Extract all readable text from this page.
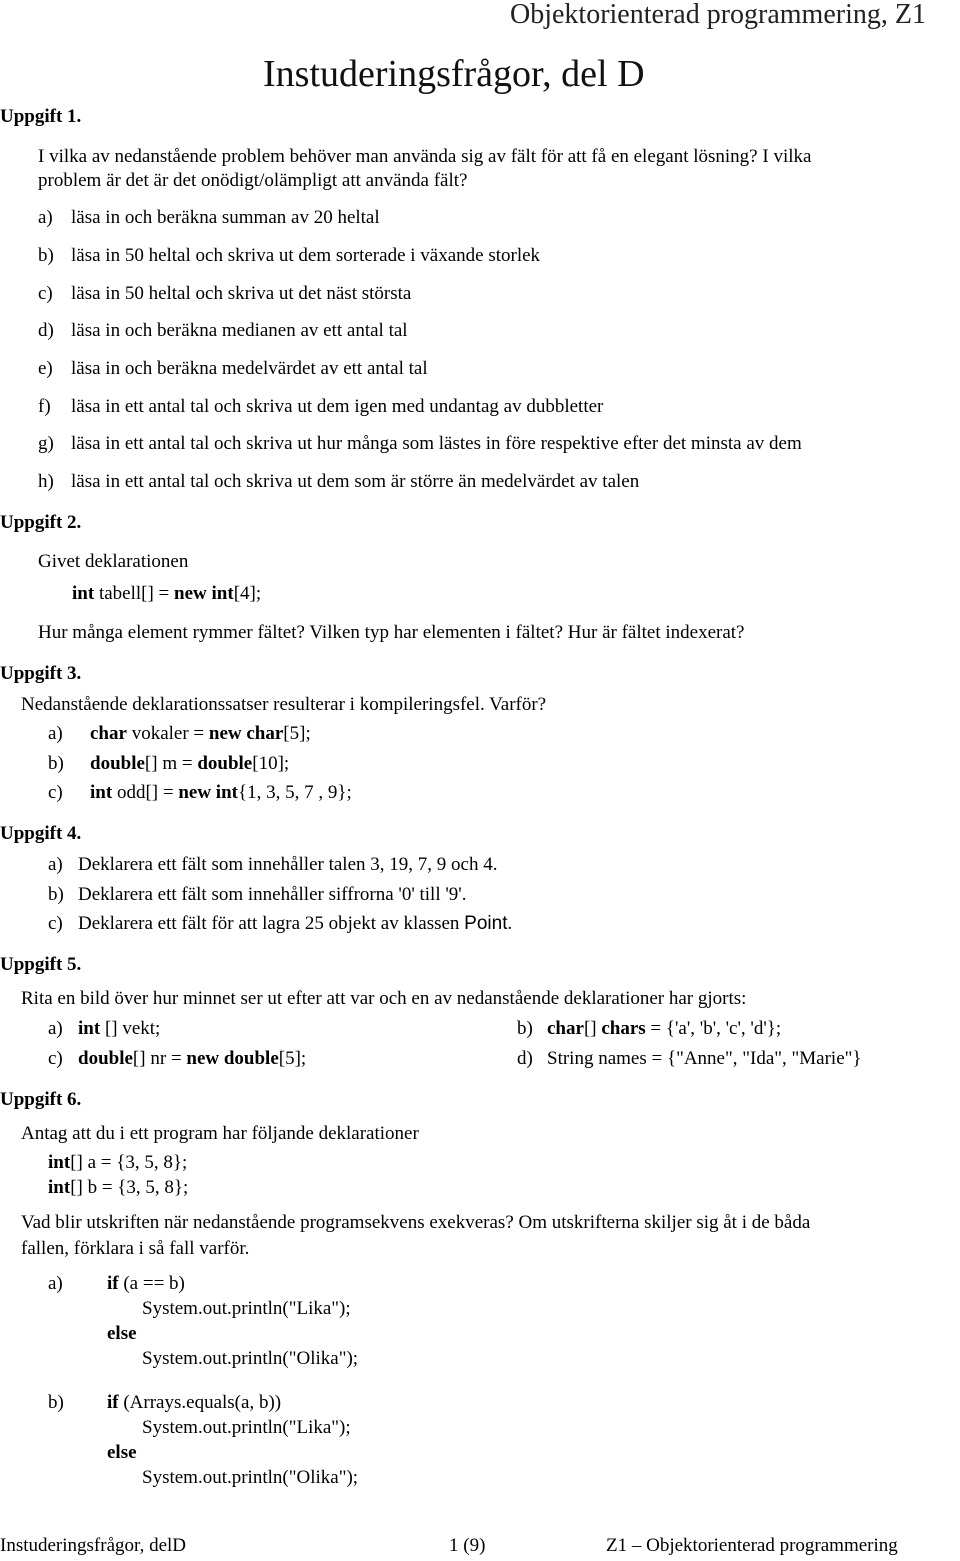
Objektorienterad programmering, Z1
Instuderingsfrågor, del D
Uppgift 1.
I vilka av nedanstående problem behöver man använda sig av fält för att få en elegant lösning? I vilka
problem är det är det onödigt/olämpligt att använda fält?
a) läsa in och beräkna summan av 20 heltal
b) läsa in 50 heltal och skriva ut dem sorterade i växande storlek
c) läsa in 50 heltal och skriva ut det näst största
d) läsa in och beräkna medianen av ett antal tal
e) läsa in och beräkna medelvärdet av ett antal tal
f) läsa in ett antal tal och skriva ut dem igen med undantag av dubbletter
g) läsa in ett antal tal och skriva ut hur många som lästes in före respektive efter det minsta av dem
h) läsa in ett antal tal och skriva ut dem som är större än medelvärdet av talen
Uppgift 2.
Givet deklarationen
int tabell[] = new int[4];
Hur många element rymmer fältet? Vilken typ har elementen i fältet? Hur är fältet indexerat?
Uppgift 3.
Nedanstående deklarationssatser resulterar i kompileringsfel. Varför?
a) char vokaler = new char[5];
b) double[] m = double[10];
c) int odd[] = new int{1, 3, 5, 7 , 9};
Uppgift 4.
a) Deklarera ett fält som innehåller talen 3, 19, 7, 9 och 4.
b) Deklarera ett fält som innehåller siffrorna '0' till '9'.
c) Deklarera ett fält för att lagra 25 objekt av klassen Point.
Uppgift 5.
Rita en bild över hur minnet ser ut efter att var och en av nedanstående deklarationer har gjorts:
a) int [] vekt;	b) char[] chars = {'a', 'b', 'c', 'd'};
c) double[] nr = new double[5];	d) String names = {"Anne", "Ida", "Marie"}
Uppgift 6.
Antag att du i ett program har följande deklarationer
int[] a = {3, 5, 8};
int[] b = {3, 5, 8};
Vad blir utskriften när nedanstående programsekvens exekveras? Om utskrifterna skiljer sig åt i de båda
fallen, förklara i så fall varför.
a) if (a == b)
System.out.println("Lika");
else
System.out.println("Olika");
b) if (Arrays.equals(a, b))
System.out.println("Lika");
else
System.out.println("Olika");
Instuderingsfrågor, delD	1 (9)	Z1 – Objektorienterad programmering
